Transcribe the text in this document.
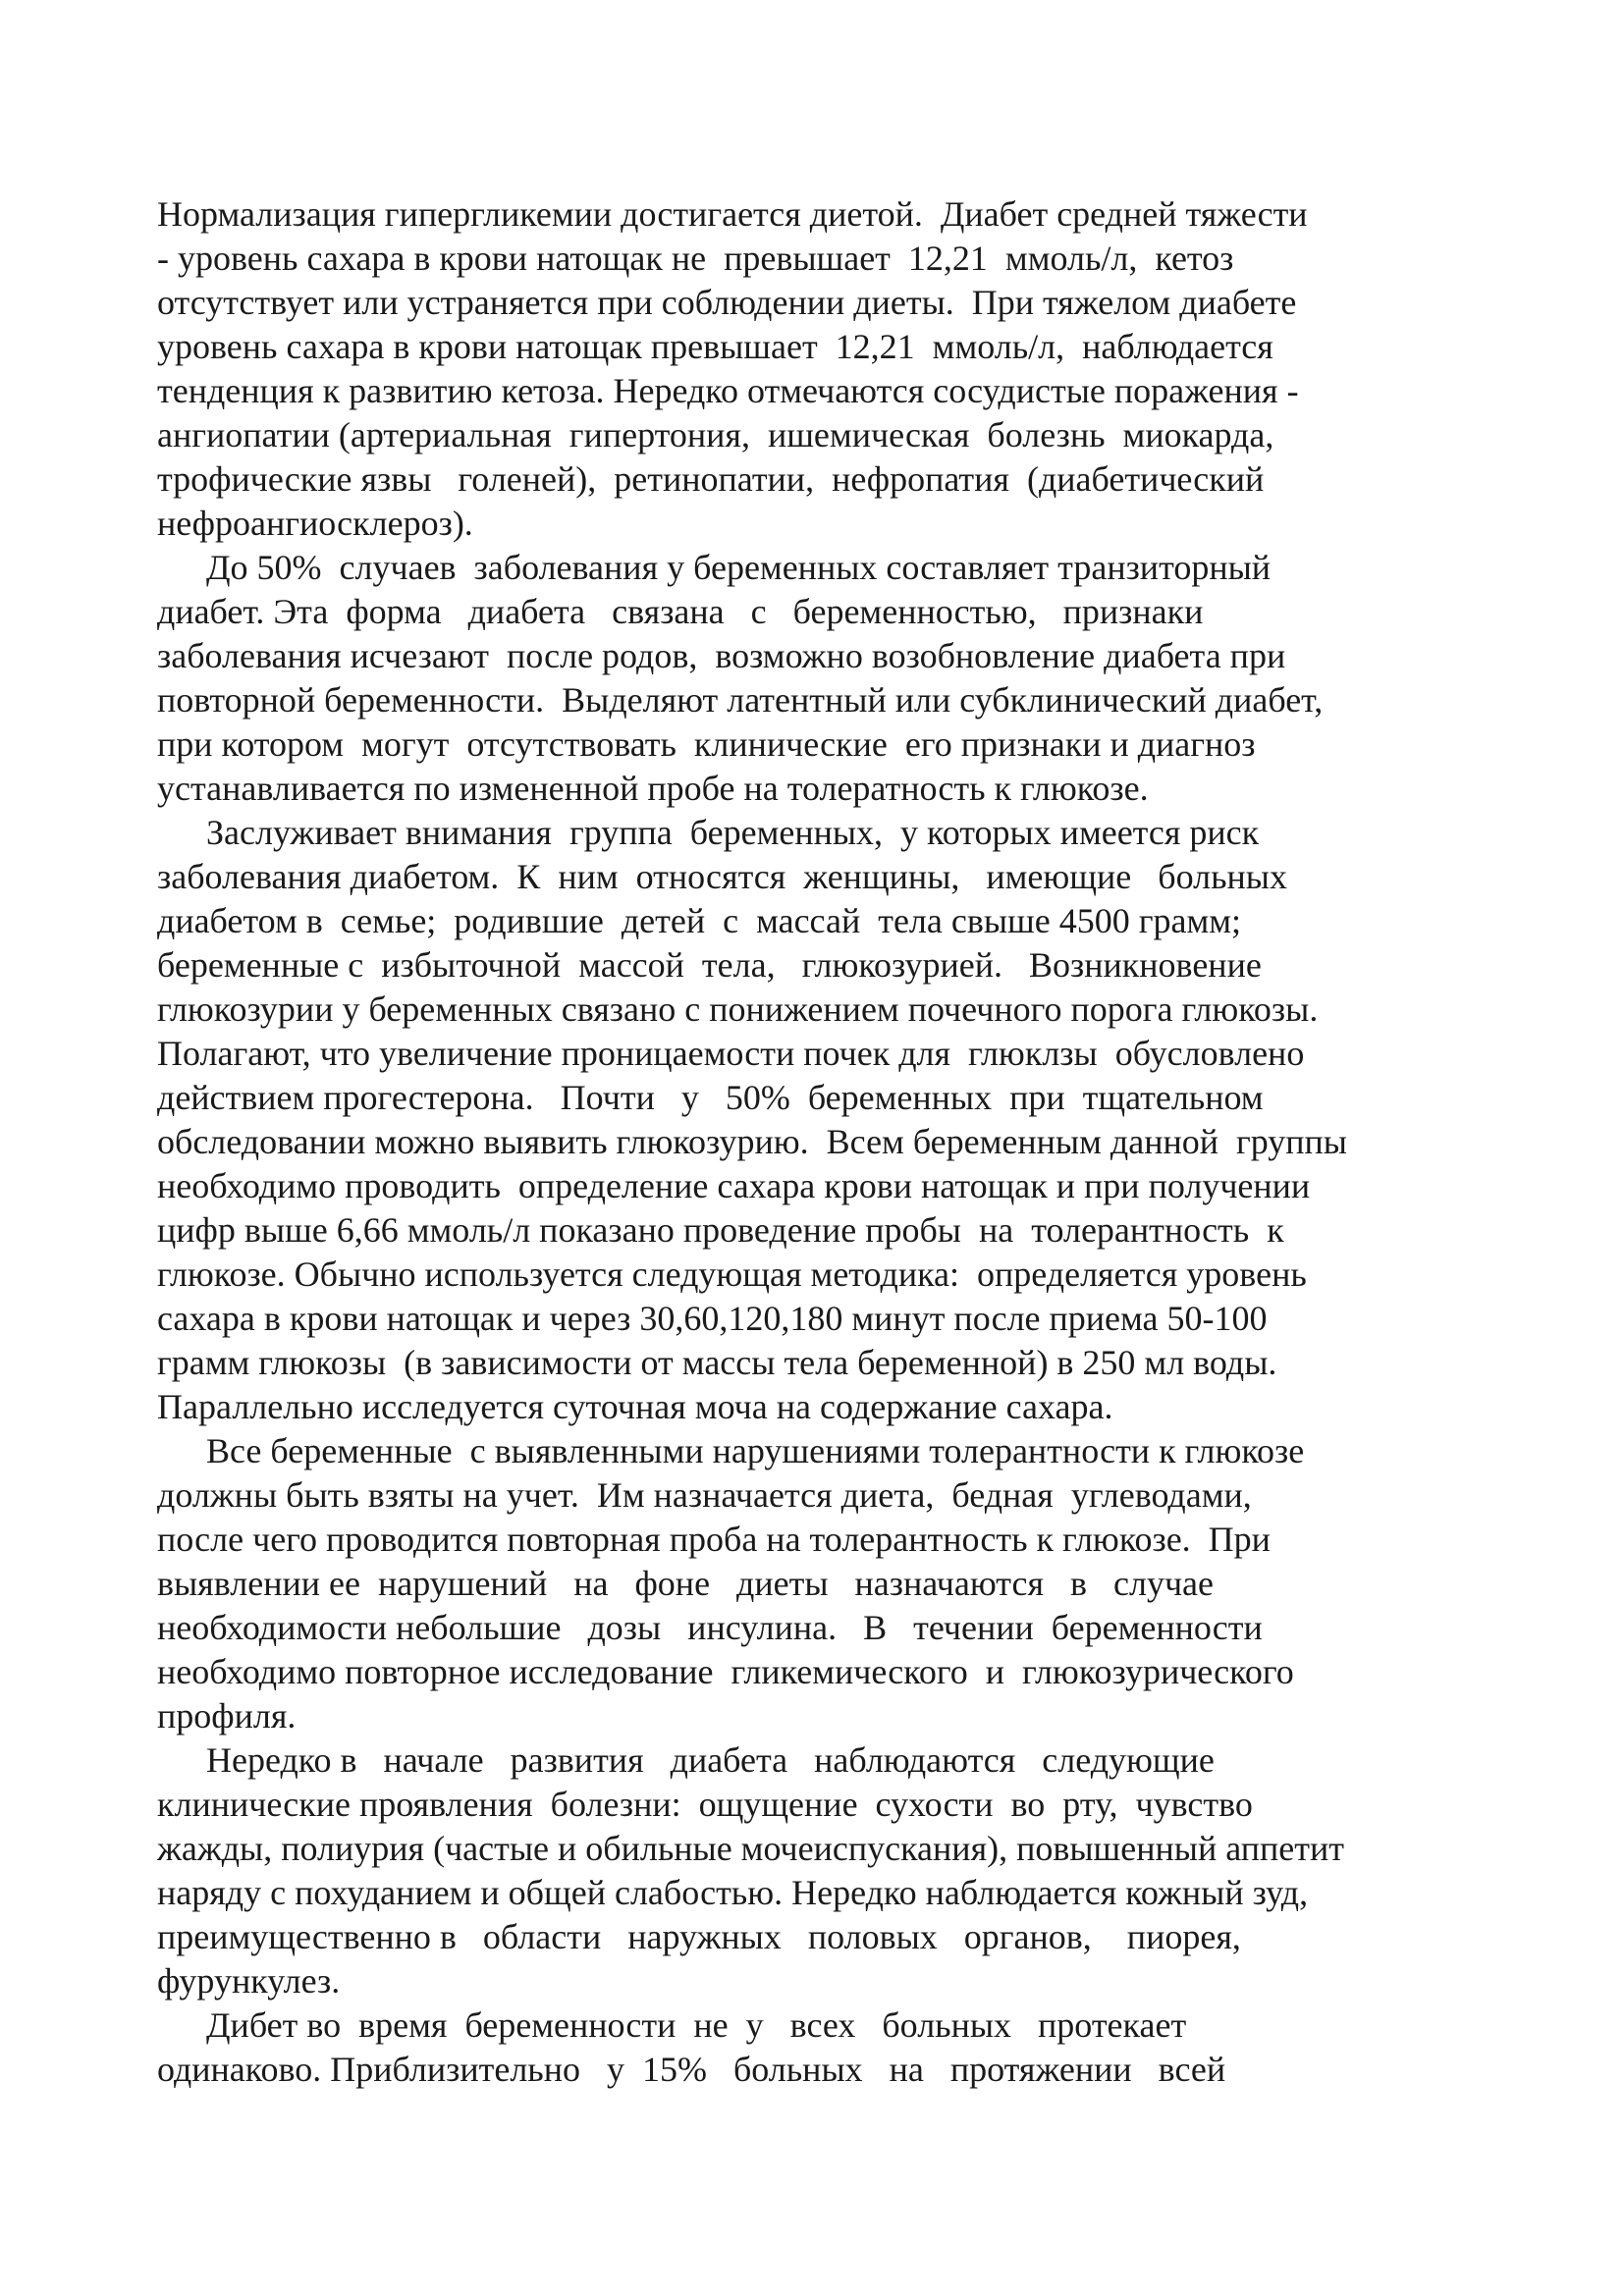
Нормализация гипергликемии достигается диетой.  Диабет средней тяжести
- уровень сахара в крови натощак не  превышает  12,21  ммоль/л,  кетоз
отсутствует или устраняется при соблюдении диеты.  При тяжелом диабете
уровень сахара в крови натощак превышает  12,21  ммоль/л,  наблюдается
тенденция к развитию кетоза. Нередко отмечаются сосудистые поражения -
ангиопатии (артериальная  гипертония,  ишемическая  болезнь  миокарда,
трофические язвы   голеней),  ретинопатии,  нефропатия  (диабетический
нефроангиосклероз).
До 50%  случаев  заболевания у беременных составляет транзиторный
диабет. Эта  форма   диабета   связана   с   беременностью,   признаки
заболевания исчезают  после родов,  возможно возобновление диабета при
повторной беременности.  Выделяют латентный или субклинический диабет,
при котором  могут  отсутствовать  клинические  его признаки и диагноз
устанавливается по измененной пробе на толератность к глюкозе.
Заслуживает внимания  группа  беременных,  у которых имеется риск
заболевания диабетом.  К  ним  относятся  женщины,   имеющие   больных
диабетом в  семье;  родившие  детей  с  массай  тела свыше 4500 грамм;
беременные с  избыточной  массой  тела,   глюкозурией.   Возникновение
глюкозурии у беременных связано с понижением почечного порога глюкозы.
Полагают, что увеличение проницаемости почек для  глюклзы  обусловлено
действием прогестерона.   Почти   у   50%  беременных  при  тщательном
обследовании можно выявить глюкозурию.  Всем беременным данной  группы
необходимо проводить  определение сахара крови натощак и при получении
цифр выше 6,66 ммоль/л показано проведение пробы  на  толерантность  к
глюкозе. Обычно используется следующая методика:  определяется уровень
сахара в крови натощак и через 30,60,120,180 минут после приема 50-100
грамм глюкозы  (в зависимости от массы тела беременной) в 250 мл воды.
Параллельно исследуется суточная моча на содержание сахара.
Все беременные  с выявленными нарушениями толерантности к глюкозе
должны быть взяты на учет.  Им назначается диета,  бедная  углеводами,
после чего проводится повторная проба на толерантность к глюкозе.  При
выявлении ее  нарушений   на   фоне   диеты   назначаются   в   случае
необходимости небольшие   дозы   инсулина.   В   течении  беременности
необходимо повторное исследование  гликемического  и  глюкозурического
профиля.
Нередко в   начале   развития   диабета   наблюдаются   следующие
клинические проявления  болезни:  ощущение  сухости  во  рту,  чувство
жажды, полиурия (частые и обильные мочеиспускания), повышенный аппетит
наряду с похуданием и общей слабостью. Нередко наблюдается кожный зуд,
преимущественно в   области   наружных   половых   органов,    пиорея,
фурункулез.
Дибет во  время  беременности  не  у   всех   больных   протекает
одинаково. Приблизительно   у  15%   больных   на   протяжении   всей
